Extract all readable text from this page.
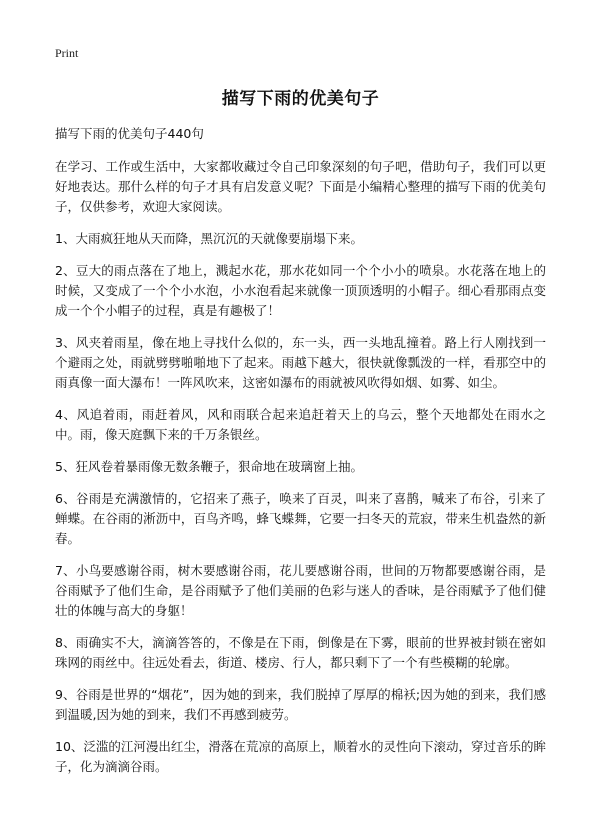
Print
描写下雨的优美句子

描写下雨的优美句子440句

在学习、工作或生活中，大家都收藏过令自己印象深刻的句子吧，借助句子，我们可以更好地表达。那什么样的句子才具有启发意义呢？下面是小编精心整理的描写下雨的优美句子，仅供参考，欢迎大家阅读。

1、大雨疯狂地从天而降，黑沉沉的天就像要崩塌下来。

2、豆大的雨点落在了地上，溅起水花，那水花如同一个个小小的喷泉。水花落在地上的时候，又变成了一个个小水泡，小水泡看起来就像一顶顶透明的小帽子。细心看那雨点变成一个个小帽子的过程，真是有趣极了！

3、风夹着雨星，像在地上寻找什么似的，东一头，西一头地乱撞着。路上行人刚找到一个避雨之处，雨就劈劈啪啪地下了起来。雨越下越大，很快就像瓢泼的一样，看那空中的雨真像一面大瀑布！一阵风吹来，这密如瀑布的雨就被风吹得如烟、如雾、如尘。

4、风追着雨，雨赶着风，风和雨联合起来追赶着天上的乌云，整个天地都处在雨水之中。雨，像天庭飘下来的千万条银丝。

5、狂风卷着暴雨像无数条鞭子，狠命地在玻璃窗上抽。

6、谷雨是充满激情的，它招来了燕子，唤来了百灵，叫来了喜鹊，喊来了布谷，引来了蝉蝶。在谷雨的淅沥中，百鸟齐鸣，蜂飞蝶舞，它要一扫冬天的荒寂，带来生机盎然的新春。

7、小鸟要感谢谷雨，树木要感谢谷雨，花儿要感谢谷雨，世间的万物都要感谢谷雨，是谷雨赋予了他们生命，是谷雨赋予了他们美丽的色彩与迷人的香味，是谷雨赋予了他们健壮的体魄与高大的身躯！

8、雨确实不大，滴滴答答的，不像是在下雨，倒像是在下雾，眼前的世界被封锁在密如珠网的雨丝中。往远处看去，街道、楼房、行人，都只剩下了一个有些模糊的轮廓。

9、谷雨是世界的“烟花”，因为她的到来，我们脱掉了厚厚的棉袄;因为她的到来，我们感到温暖,因为她的到来，我们不再感到疲劳。

10、泛滥的江河漫出红尘，滑落在荒凉的高原上，顺着水的灵性向下滚动，穿过音乐的眸子，化为滴滴谷雨。
